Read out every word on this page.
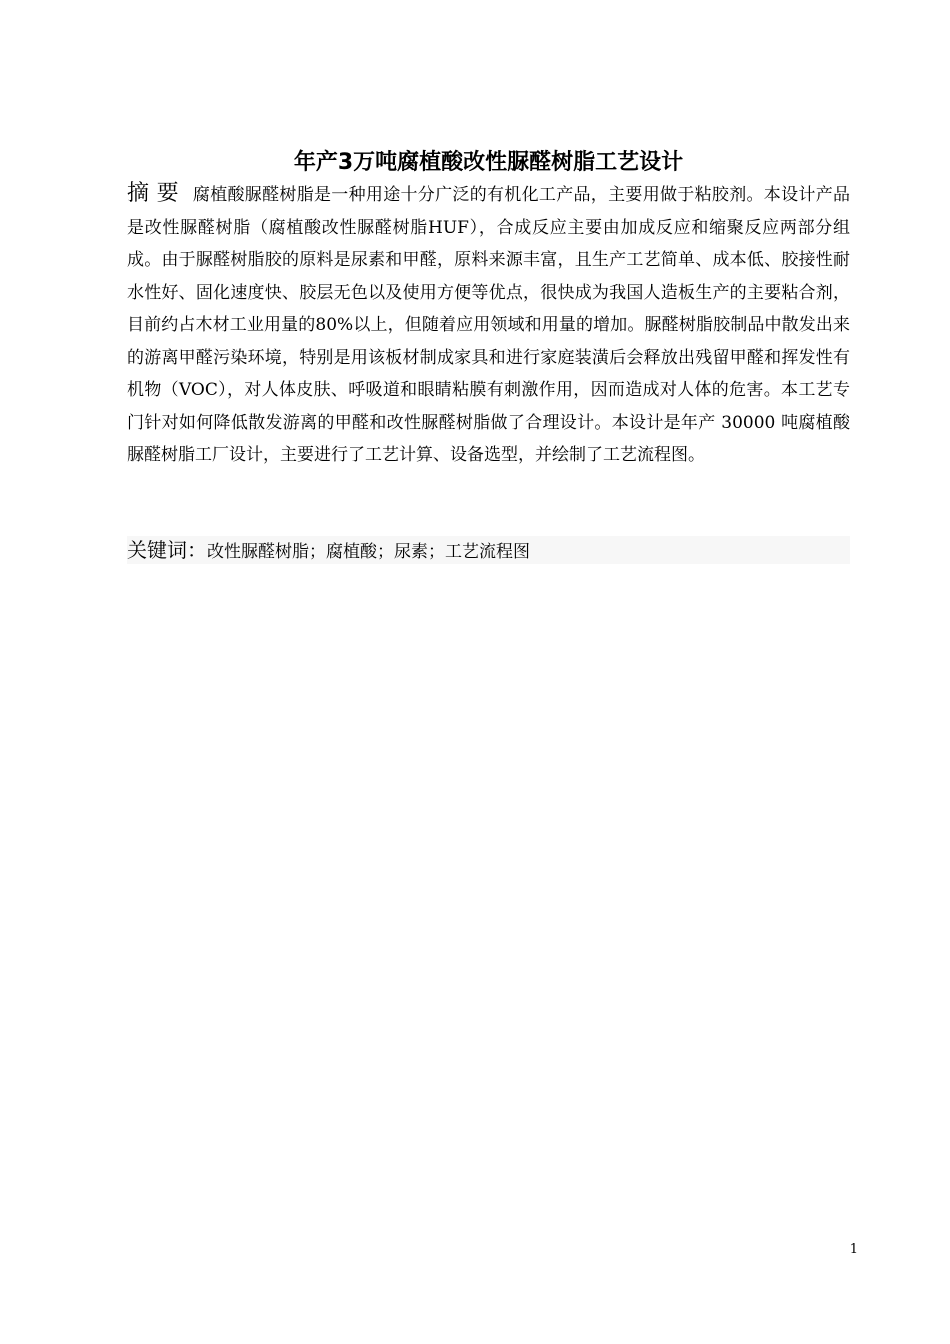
年产3万吨腐植酸改性脲醛树脂工艺设计

摘 要 腐植酸脲醛树脂是一种用途十分广泛的有机化工产品，主要用做于粘胶剂。本设计产品是改性脲醛树脂（腐植酸改性脲醛树脂HUF），合成反应主要由加成反应和缩聚反应两部分组成。由于脲醛树脂胶的原料是尿素和甲醛，原料来源丰富，且生产工艺简单、成本低、胶接性耐水性好、固化速度快、胶层无色以及使用方便等优点，很快成为我国人造板生产的主要粘合剂，目前约占木材工业用量的80%以上，但随着应用领域和用量的增加。脲醛树脂胶制品中散发出来的游离甲醛污染环境，特别是用该板材制成家具和进行家庭装潢后会释放出残留甲醛和挥发性有机物（VOC），对人体皮肤、呼吸道和眼睛粘膜有刺激作用，因而造成对人体的危害。本工艺专门针对如何降低散发游离的甲醛和改性脲醛树脂做了合理设计。本设计是年产 30000 吨腐植酸脲醛树脂工厂设计，主要进行了工艺计算、设备选型，并绘制了工艺流程图。

关键词：改性脲醛树脂；腐植酸；尿素；工艺流程图

1
